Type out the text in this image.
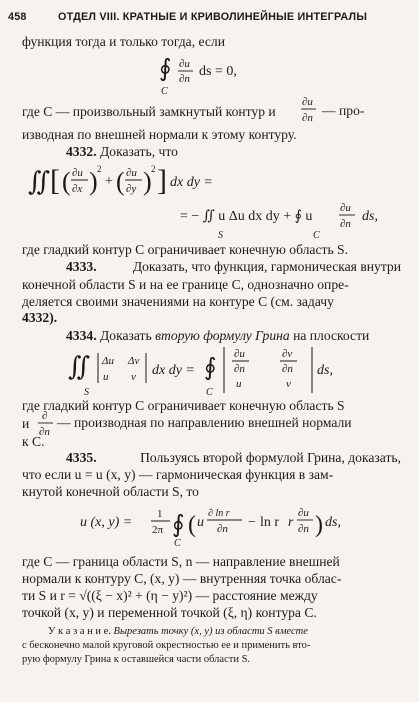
458	ОТДЕЛ VIII. КРАТНЫЕ И КРИВОЛИНЕЙНЫЕ ИНТЕГРАЛЫ
функция тогда и только тогда, если
∮
C
∂u
∂n ds = 0,
где C — произвольный замкнутый контур и
∂u
∂n — про-
изводная по внешней нормали к этому контуру.
4332. Доказать, что
∬ [ ( ∂u
∂x ) 2
+ ( ∂u
∂y ) 2 ] dx dy =
= − ∬ u Δu dx dy + ∮ u
S	C
∂u
∂n ds,
где гладкий контур C ограничивает конечную область S.
4333.	Доказать, что функция, гармоническая внутри
конечной области S и на ее границе C, однозначно опре-
деляется своими значениями на контуре C (см. задачу
4332).
4334. Доказать вторую формулу Грина на плоскости
∬
S
Δu Δv
u v dx dy = ∮
C
∂u
∂n
∂v
∂n
u	v
ds,
где гладкий контур C ограничивает конечную область S
и	∂
∂n
— производная по направлению внешней нормали
к C.
4335.	Пользуясь второй формулой Грина, доказать,
что если u = u (x, y) — гармоническая функция в зам-
кнутой конечной области S, то
u (x, y) =
1
2π ∮
C
( u
∂ ln r
∂n − ln r r
∂u
∂n ) ds,
где C — граница области S, n — направление внешней
нормали к контуру C, (x, y) — внутренняя точка облас-
ти S и r = √((ξ − x)² + (η − y)²) — расстояние между
точкой (x, y) и переменной точкой (ξ, η) контура C.
У к а з а н и е. Вырезать точку (x, y) из области S вместе
с бесконечно малой круговой окрестностью ее и применить вто-
рую формулу Грина к оставшейся части области S.
